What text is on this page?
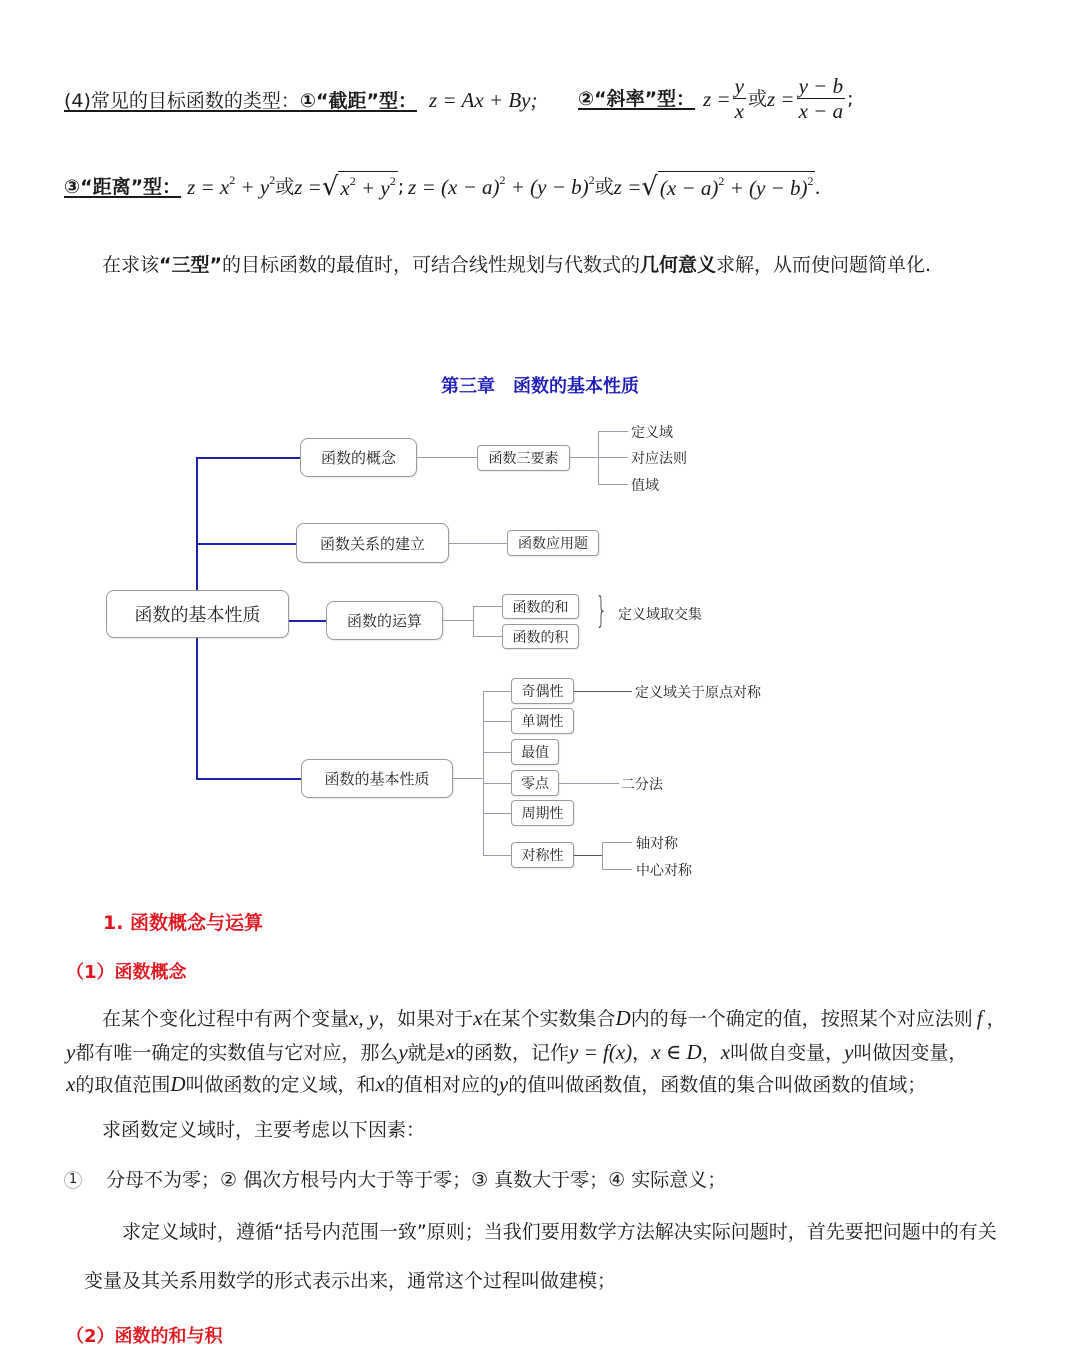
(4)常见的目标函数的类型：①“截距”型： z = Ax + By; ②“斜率”型： $z = \frac{y}{x}$ 或 $z = \frac{y - b}{x - a}$ ;
③“距离”型： $z = x^2 + y^2$ 或 z = √ $x^2 + y^2$ ; $z = (x - a)^2 + (y - b)^2$ 或 z = √ $(x - a)^2 + (y - b)^2$ .
在求该“三型”的目标函数的最值时，可结合线性规划与代数式的几何意义求解，从而使问题简单化.
第三章　函数的基本性质
函数的基本性质
函数的概念	函数三要素
定义域
对应法则
值域
函数关系的建立	函数应用题
函数的运算
函数的和
函数的积
} 定义域取交集
函数的基本性质
奇偶性
单调性
最值
零点
周期性
对称性
定义域关于原点对称
二分法
轴对称
中心对称
1. 函数概念与运算
（1）函数概念
在某个变化过程中有两个变量x, y，如果对于x在某个实数集合D内的每一个确定的值，按照某个对应法则 f ，
y都有唯一确定的实数值与它对应，那么y就是x的函数，记作y = f(x)，x ∈ D，x叫做自变量，y叫做因变量，
x的取值范围D叫做函数的定义域，和x的值相对应的y的值叫做函数值，函数值的集合叫做函数的值域；
求函数定义域时，主要考虑以下因素：
1 分母不为零；② 偶次方根号内大于等于零；③ 真数大于零；④ 实际意义；
求定义域时，遵循“括号内范围一致”原则；当我们要用数学方法解决实际问题时，首先要把问题中的有关
变量及其关系用数学的形式表示出来，通常这个过程叫做建模；
（2）函数的和与积
